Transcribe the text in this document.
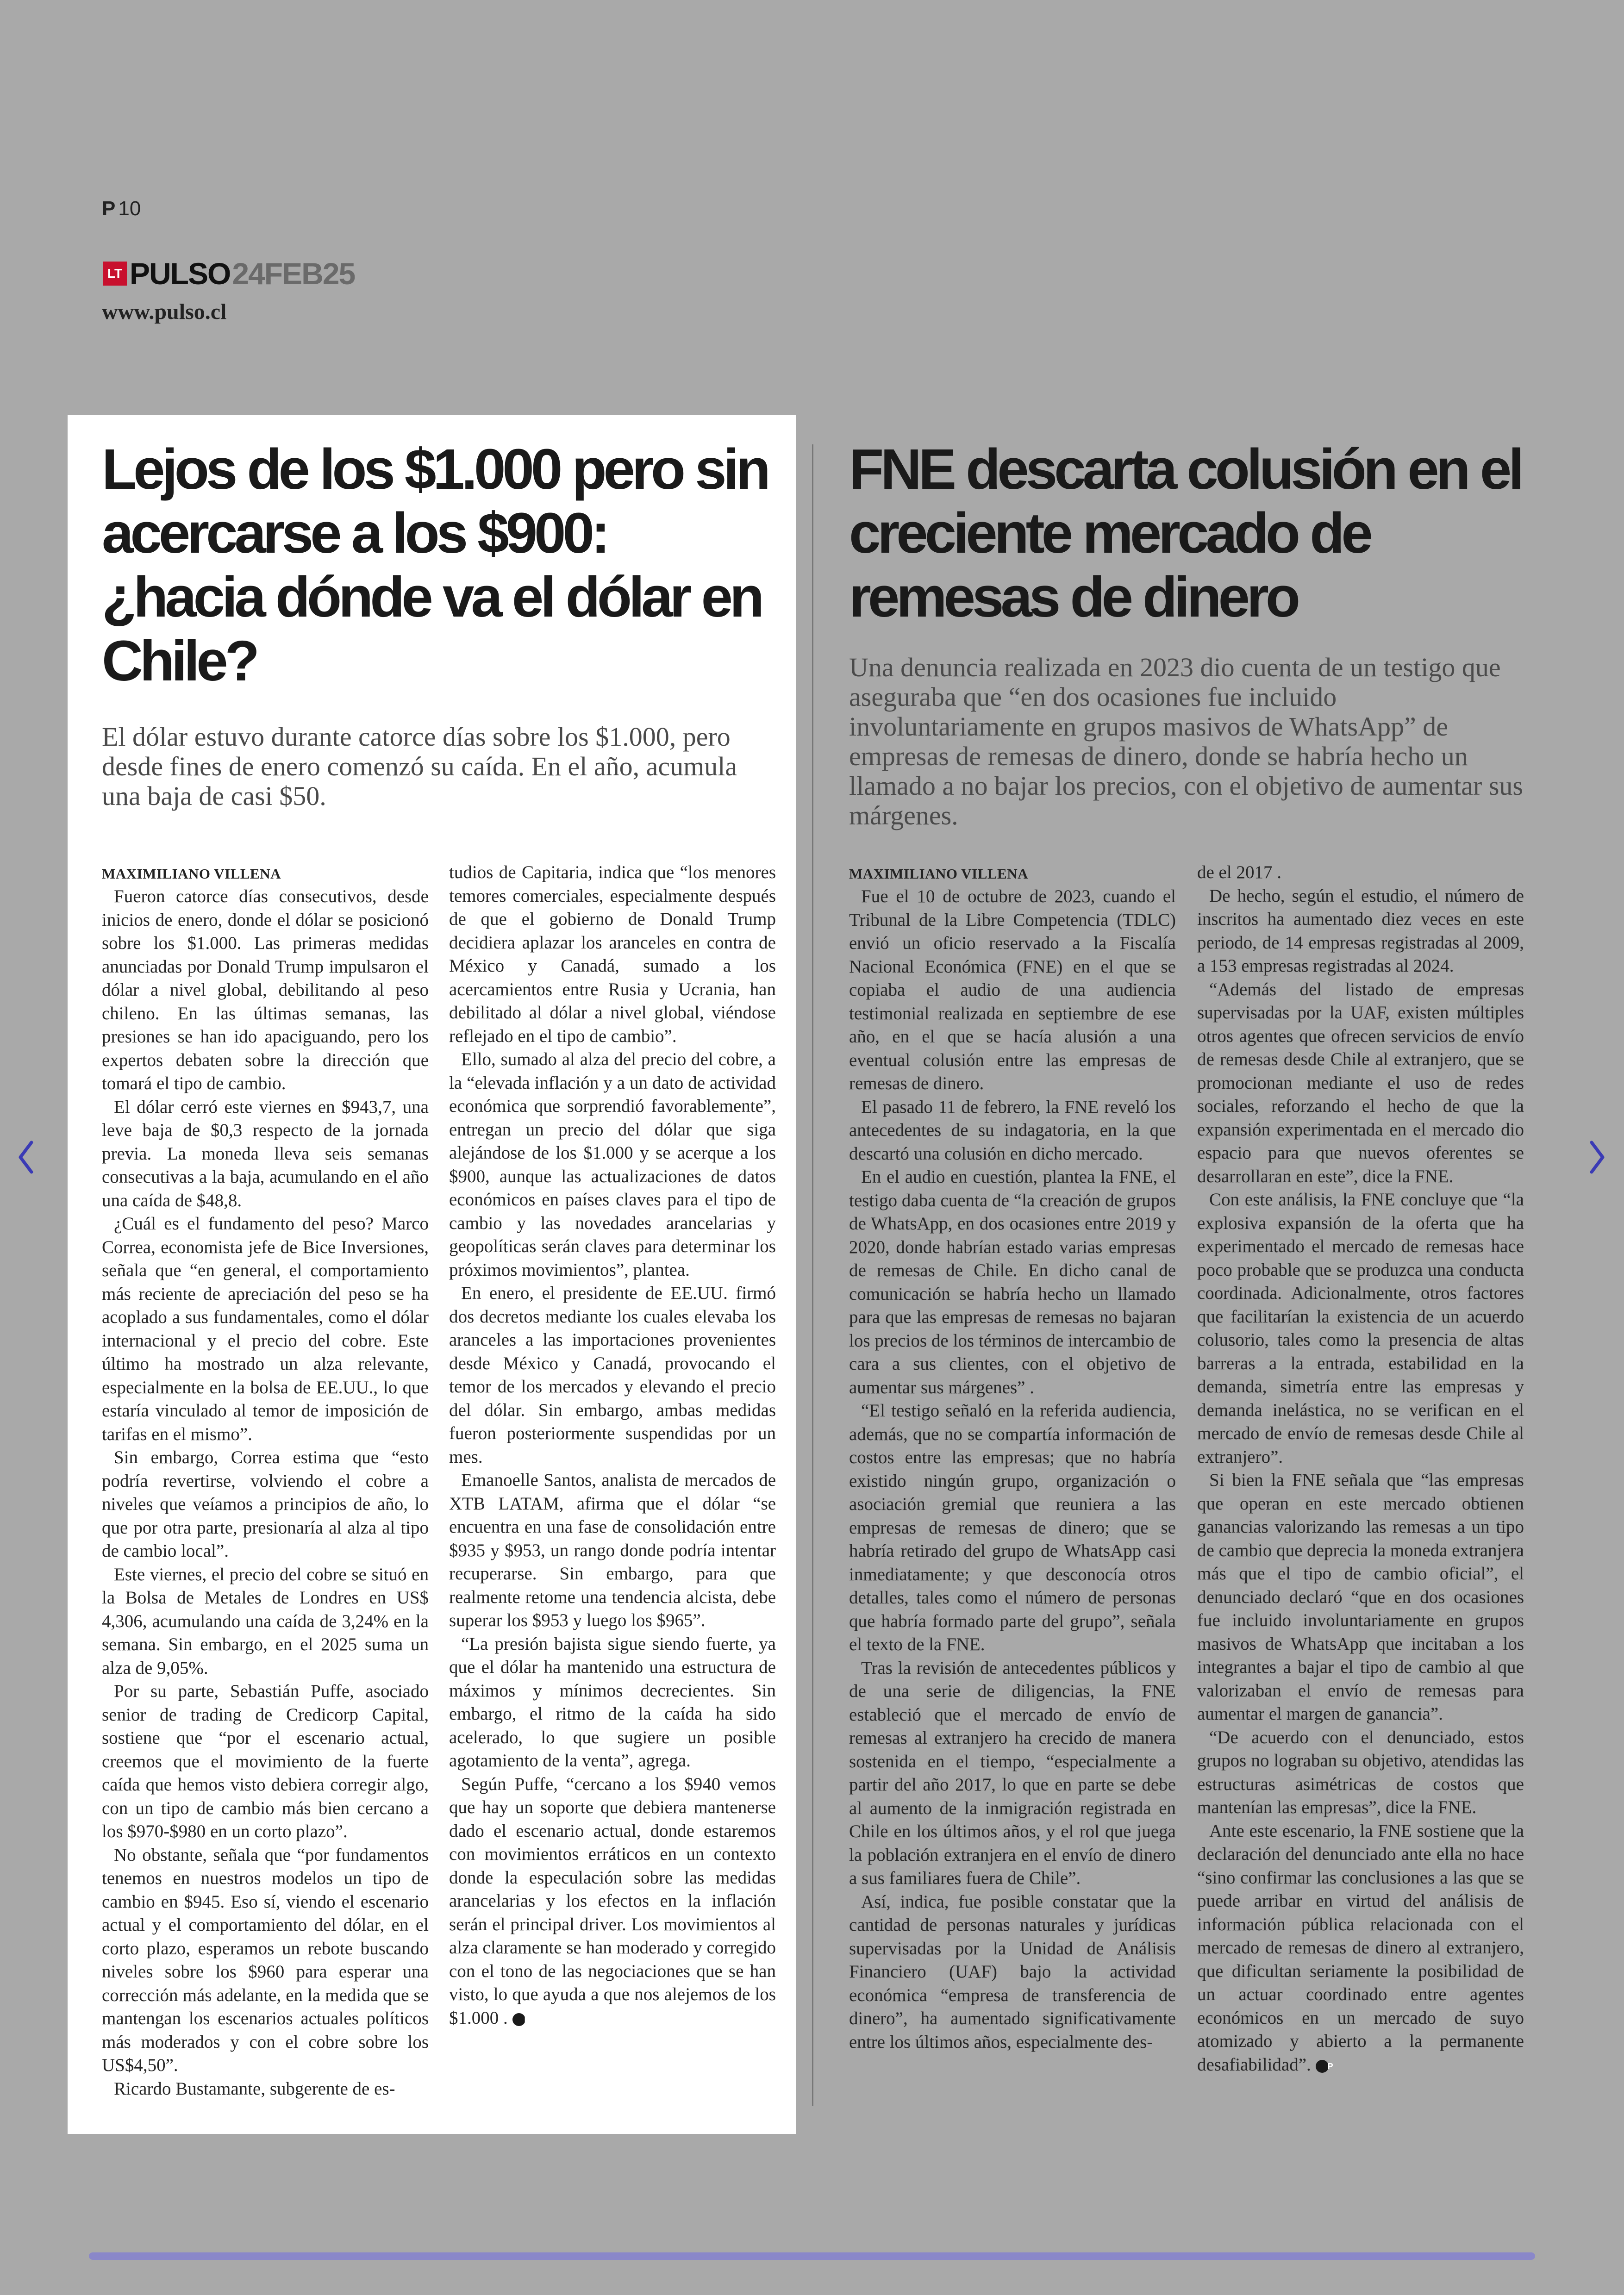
P 10
LT PULSO 24FEB25
www.pulso.cl
Lejos de los $1.000 pero sin acercarse a los $900: ¿hacia dónde va el dólar en Chile?

El dólar estuvo durante catorce días sobre los $1.000, pero desde fines de enero comenzó su caída. En el año, acumula una baja de casi $50.

MAXIMILIANO VILLENA

Fueron catorce días consecutivos, desde inicios de enero, donde el dólar se posicionó sobre los $1.000. Las primeras medidas anunciadas por Donald Trump impulsaron el dólar a nivel global, debilitando al peso chileno. En las últimas semanas, las presiones se han ido apaciguando, pero los expertos debaten sobre la dirección que tomará el tipo de cambio.

El dólar cerró este viernes en $943,7, una leve baja de $0,3 respecto de la jornada previa. La moneda lleva seis semanas consecutivas a la baja, acumulando en el año una caída de $48,8.

¿Cuál es el fundamento del peso? Marco Correa, economista jefe de Bice Inversiones, señala que “en general, el comportamiento más reciente de apreciación del peso se ha acoplado a sus fundamentales, como el dólar internacional y el precio del cobre. Este último ha mostrado un alza relevante, especialmente en la bolsa de EE.UU., lo que estaría vinculado al temor de imposición de tarifas en el mismo”.

Sin embargo, Correa estima que “esto podría revertirse, volviendo el cobre a niveles que veíamos a principios de año, lo que por otra parte, presionaría al alza al tipo de cambio local”.

Este viernes, el precio del cobre se situó en la Bolsa de Metales de Londres en US$ 4,306, acumulando una caída de 3,24% en la semana. Sin embargo, en el 2025 suma un alza de 9,05%.

Por su parte, Sebastián Puffe, asociado senior de trading de Credicorp Capital, sostiene que “por el escenario actual, creemos que el movimiento de la fuerte caída que hemos visto debiera corregir algo, con un tipo de cambio más bien cercano a los $970-$980 en un corto plazo”.

No obstante, señala que “por fundamentos tenemos en nuestros modelos un tipo de cambio en $945. Eso sí, viendo el escenario actual y el comportamiento del dólar, en el corto plazo, esperamos un rebote buscando niveles sobre los $960 para esperar una corrección más adelante, en la medida que se mantengan los escenarios actuales políticos más moderados y con el cobre sobre los US$4,50”.

Ricardo Bustamante, subgerente de es-

tudios de Capitaria, indica que “los menores temores comerciales, especialmente después de que el gobierno de Donald Trump decidiera aplazar los aranceles en contra de México y Canadá, sumado a los acercamientos entre Rusia y Ucrania, han debilitado al dólar a nivel global, viéndose reflejado en el tipo de cambio”.

Ello, sumado al alza del precio del cobre, a la “elevada inflación y a un dato de actividad económica que sorprendió favorablemente”, entregan un precio del dólar que siga alejándose de los $1.000 y se acerque a los $900, aunque las actualizaciones de datos económicos en países claves para el tipo de cambio y las novedades arancelarias y geopolíticas serán claves para determinar los próximos movimientos”, plantea.

En enero, el presidente de EE.UU. firmó dos decretos mediante los cuales elevaba los aranceles a las importaciones provenientes desde México y Canadá, provocando el temor de los mercados y elevando el precio del dólar. Sin embargo, ambas medidas fueron posteriormente suspendidas por un mes.

Emanoelle Santos, analista de mercados de XTB LATAM, afirma que el dólar “se encuentra en una fase de consolidación entre $935 y $953, un rango donde podría intentar recuperarse. Sin embargo, para que realmente retome una tendencia alcista, debe superar los $953 y luego los $965”.

“La presión bajista sigue siendo fuerte, ya que el dólar ha mantenido una estructura de máximos y mínimos decrecientes. Sin embargo, el ritmo de la caída ha sido acelerado, lo que sugiere un posible agotamiento de la venta”, agrega.

Según Puffe, “cercano a los $940 vemos que hay un soporte que debiera mantenerse dado el escenario actual, donde estaremos con movimientos erráticos en un contexto donde la especulación sobre las medidas arancelarias y los efectos en la inflación serán el principal driver. Los movimientos al alza claramente se han moderado y corregido con el tono de las negociaciones que se han visto, lo que ayuda a que nos alejemos de los $1.000 . P

FNE descarta colusión en el creciente mercado de remesas de dinero

Una denuncia realizada en 2023 dio cuenta de un testigo que aseguraba que “en dos ocasiones fue incluido involuntariamente en grupos masivos de WhatsApp” de empresas de remesas de dinero, donde se habría hecho un llamado a no bajar los precios, con el objetivo de aumentar sus márgenes.

MAXIMILIANO VILLENA

Fue el 10 de octubre de 2023, cuando el Tribunal de la Libre Competencia (TDLC) envió un oficio reservado a la Fiscalía Nacional Económica (FNE) en el que se copiaba el audio de una audiencia testimonial realizada en septiembre de ese año, en el que se hacía alusión a una eventual colusión entre las empresas de remesas de dinero.

El pasado 11 de febrero, la FNE reveló los antecedentes de su indagatoria, en la que descartó una colusión en dicho mercado.

En el audio en cuestión, plantea la FNE, el testigo daba cuenta de “la creación de grupos de WhatsApp, en dos ocasiones entre 2019 y 2020, donde habrían estado varias empresas de remesas de Chile. En dicho canal de comunicación se habría hecho un llamado para que las empresas de remesas no bajaran los precios de los términos de intercambio de cara a sus clientes, con el objetivo de aumentar sus márgenes” .

“El testigo señaló en la referida audiencia, además, que no se compartía información de costos entre las empresas; que no habría existido ningún grupo, organización o asociación gremial que reuniera a las empresas de remesas de dinero; que se habría retirado del grupo de WhatsApp casi inmediatamente; y que desconocía otros detalles, tales como el número de personas que habría formado parte del grupo”, señala el texto de la FNE.

Tras la revisión de antecedentes públicos y de una serie de diligencias, la FNE estableció que el mercado de envío de remesas al extranjero ha crecido de manera sostenida en el tiempo, “especialmente a partir del año 2017, lo que en parte se debe al aumento de la inmigración registrada en Chile en los últimos años, y el rol que juega la población extranjera en el envío de dinero a sus familiares fuera de Chile”.

Así, indica, fue posible constatar que la cantidad de personas naturales y jurídicas supervisadas por la Unidad de Análisis Financiero (UAF) bajo la actividad económica “empresa de transferencia de dinero”, ha aumentado significativamente entre los últimos años, especialmente des-

de el 2017 .

De hecho, según el estudio, el número de inscritos ha aumentado diez veces en este periodo, de 14 empresas registradas al 2009, a 153 empresas registradas al 2024.

“Además del listado de empresas supervisadas por la UAF, existen múltiples otros agentes que ofrecen servicios de envío de remesas desde Chile al extranjero, que se promocionan mediante el uso de redes sociales, reforzando el hecho de que la expansión experimentada en el mercado dio espacio para que nuevos oferentes se desarrollaran en este”, dice la FNE.

Con este análisis, la FNE concluye que “la explosiva expansión de la oferta que ha experimentado el mercado de remesas hace poco probable que se produzca una conducta coordinada. Adicionalmente, otros factores que facilitarían la existencia de un acuerdo colusorio, tales como la presencia de altas barreras a la entrada, estabilidad en la demanda, simetría entre las empresas y demanda inelástica, no se verifican en el mercado de envío de remesas desde Chile al extranjero”.

Si bien la FNE señala que “las empresas que operan en este mercado obtienen ganancias valorizando las remesas a un tipo de cambio que deprecia la moneda extranjera más que el tipo de cambio oficial”, el denunciado declaró “que en dos ocasiones fue incluido involuntariamente en grupos masivos de WhatsApp que incitaban a los integrantes a bajar el tipo de cambio al que valorizaban el envío de remesas para aumentar el margen de ganancia”.

“De acuerdo con el denunciado, estos grupos no lograban su objetivo, atendidas las estructuras asimétricas de costos que mantenían las empresas”, dice la FNE.

Ante este escenario, la FNE sostiene que la declaración del denunciado ante ella no hace “sino confirmar las conclusiones a las que se puede arribar en virtud del análisis de información pública relacionada con el mercado de remesas de dinero al extranjero, que dificultan seriamente la posibilidad de un actuar coordinado entre agentes económicos en un mercado de suyo atomizado y abierto a la permanente desafiabilidad”. P
